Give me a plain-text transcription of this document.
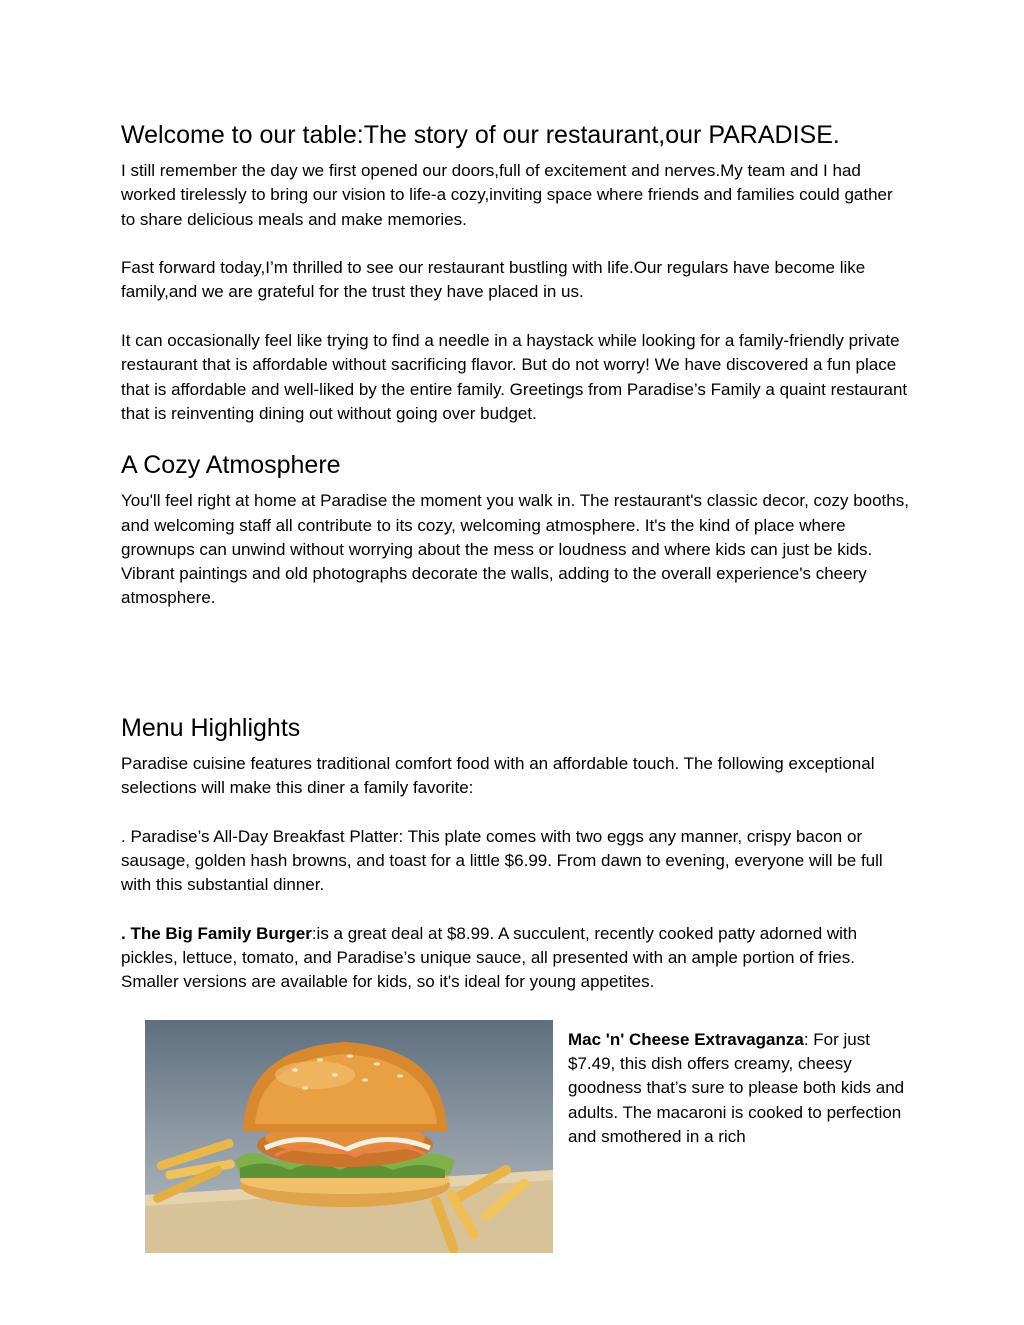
Welcome to our table:The story of our restaurant,our PARADISE.

I still remember the day we first opened our doors,full of excitement and nerves.My team and I had worked tirelessly to bring our vision to life-a cozy,inviting space where friends and families could gather to share delicious meals and make memories.

Fast forward today,I’m thrilled to see our restaurant bustling with life.Our regulars have become like family,and we are grateful for the trust they have placed in us.

It can occasionally feel like trying to find a needle in a haystack while looking for a family-friendly private restaurant that is affordable without sacrificing flavor. But do not worry! We have discovered a fun place that is affordable and well-liked by the entire family. Greetings from Paradise’s Family a quaint restaurant that is reinventing dining out without going over budget.

A Cozy Atmosphere

You'll feel right at home at Paradise the moment you walk in. The restaurant's classic decor, cozy booths, and welcoming staff all contribute to its cozy, welcoming atmosphere. It's the kind of place where grownups can unwind without worrying about the mess or loudness and where kids can just be kids. Vibrant paintings and old photographs decorate the walls, adding to the overall experience's cheery atmosphere.

Menu Highlights

Paradise cuisine features traditional comfort food with an affordable touch. The following exceptional selections will make this diner a family favorite:

. Paradise’s All-Day Breakfast Platter: This plate comes with two eggs any manner, crispy bacon or sausage, golden hash browns, and toast for a little $6.99. From dawn to evening, everyone will be full with this substantial dinner.

. The Big Family Burger:is a great deal at $8.99. A succulent, recently cooked patty adorned with pickles, lettuce, tomato, and Paradise’s unique sauce, all presented with an ample portion of fries. Smaller versions are available for kids, so it's ideal for young appetites.

Mac 'n' Cheese Extravaganza: For just $7.49, this dish offers creamy, cheesy goodness that’s sure to please both kids and adults. The macaroni is cooked to perfection and smothered in a rich
